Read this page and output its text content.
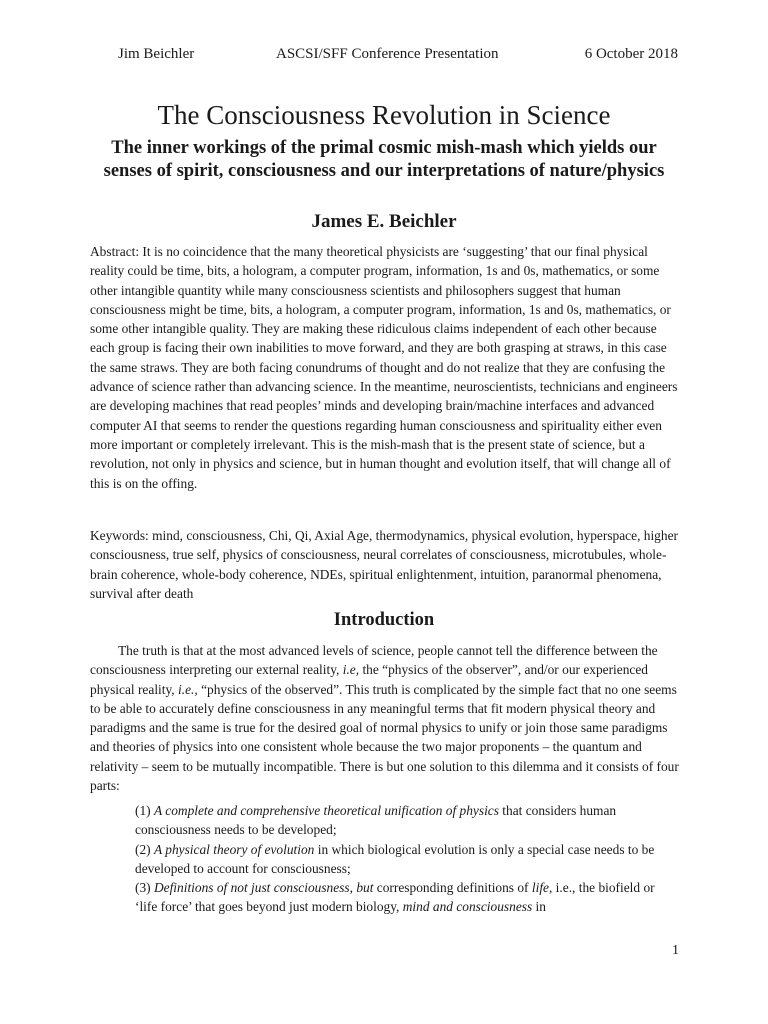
Jim Beichler	ASCSI/SFF Conference Presentation	6 October 2018
The Consciousness Revolution in Science
The inner workings of the primal cosmic mish-mash which yields our senses of spirit, consciousness and our interpretations of nature/physics
James E. Beichler

Abstract: It is no coincidence that the many theoretical physicists are ‘suggesting’ that our final physical reality could be time, bits, a hologram, a computer program, information, 1s and 0s, mathematics, or some other intangible quantity while many consciousness scientists and philosophers suggest that human consciousness might be time, bits, a hologram, a computer program, information, 1s and 0s, mathematics, or some other intangible quality. They are making these ridiculous claims independent of each other because each group is facing their own inabilities to move forward, and they are both grasping at straws, in this case the same straws. They are both facing conundrums of thought and do not realize that they are confusing the advance of science rather than advancing science. In the meantime, neuroscientists, technicians and engineers are developing machines that read peoples’ minds and developing brain/machine interfaces and advanced computer AI that seems to render the questions regarding human consciousness and spirituality either even more important or completely irrelevant. This is the mish-mash that is the present state of science, but a revolution, not only in physics and science, but in human thought and evolution itself, that will change all of this is on the offing.

Keywords: mind, consciousness, Chi, Qi, Axial Age, thermodynamics, physical evolution, hyperspace, higher consciousness, true self, physics of consciousness, neural correlates of consciousness, microtubules, whole-brain coherence, whole-body coherence, NDEs, spiritual enlightenment, intuition, paranormal phenomena, survival after death

Introduction

The truth is that at the most advanced levels of science, people cannot tell the difference between the consciousness interpreting our external reality, i.e, the “physics of the observer”, and/or our experienced physical reality, i.e., “physics of the observed”. This truth is complicated by the simple fact that no one seems to be able to accurately define consciousness in any meaningful terms that fit modern physical theory and paradigms and the same is true for the desired goal of normal physics to unify or join those same paradigms and theories of physics into one consistent whole because the two major proponents – the quantum and relativity – seem to be mutually incompatible. There is but one solution to this dilemma and it consists of four parts:

(1) A complete and comprehensive theoretical unification of physics that considers human consciousness needs to be developed;

(2) A physical theory of evolution in which biological evolution is only a special case needs to be developed to account for consciousness;

(3) Definitions of not just consciousness, but corresponding definitions of life, i.e., the biofield or ‘life force’ that goes beyond just modern biology, mind and consciousness in

1
